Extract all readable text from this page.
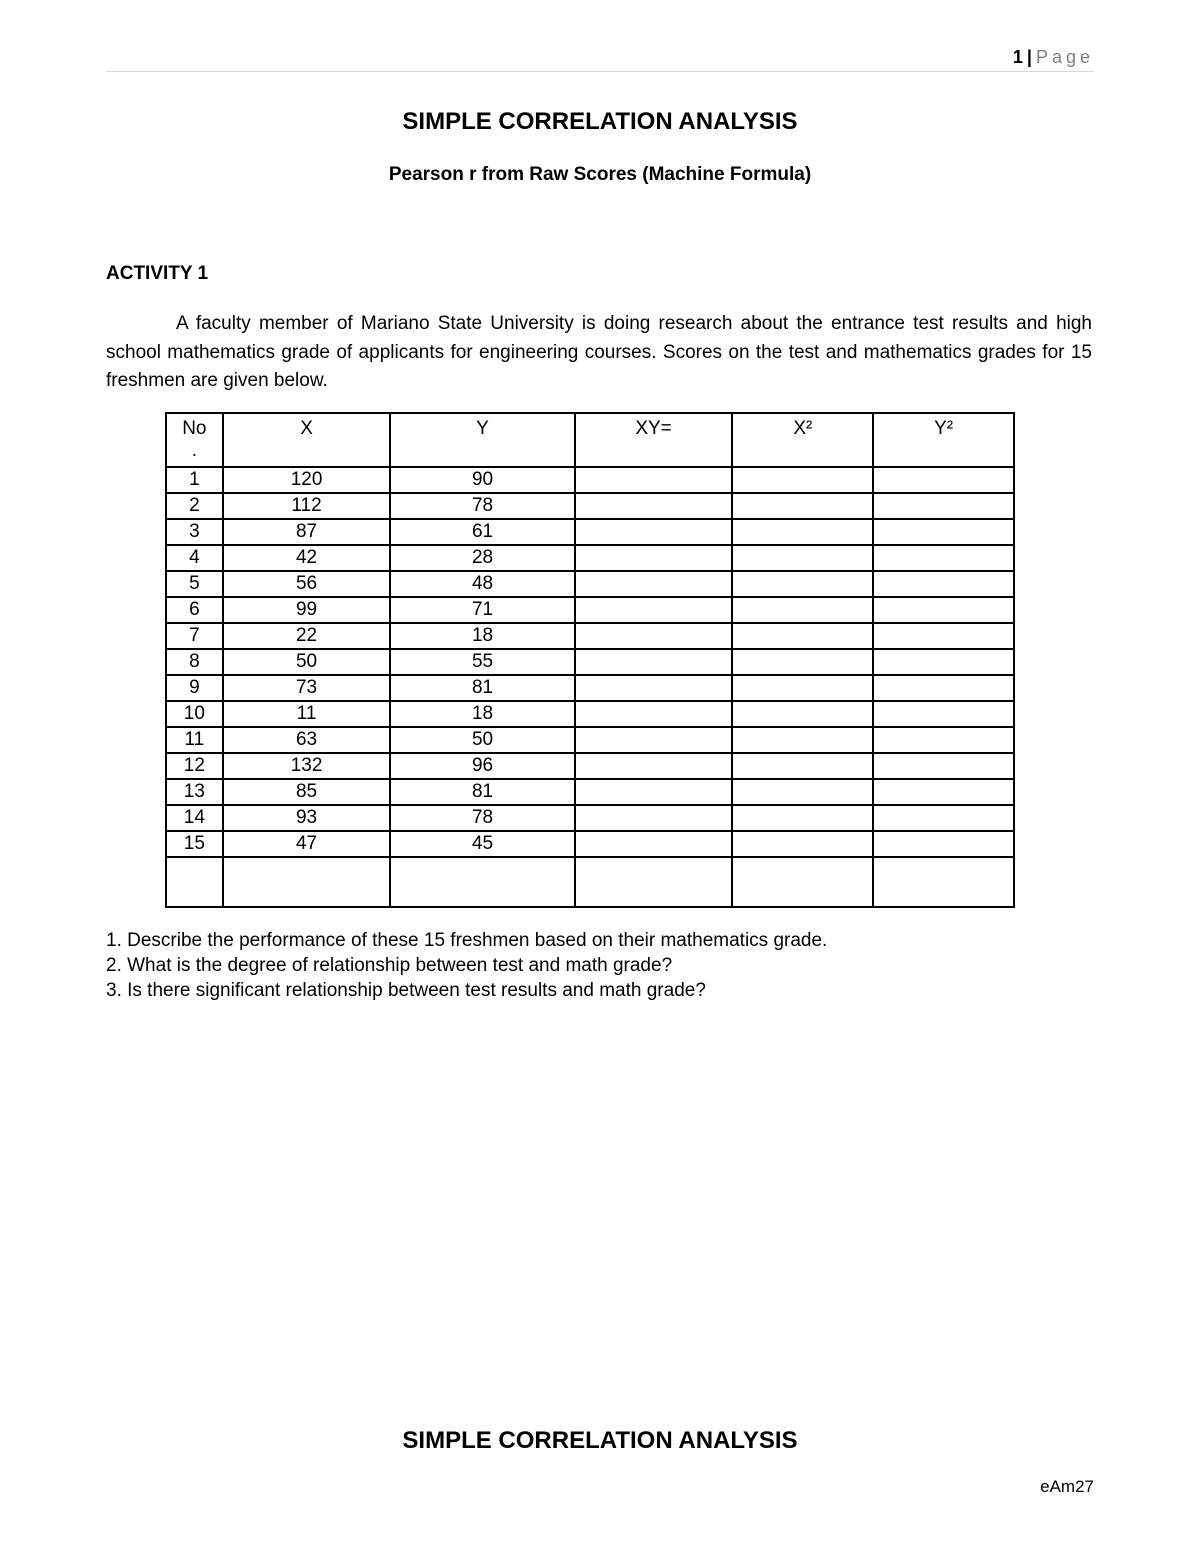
1 | Page
SIMPLE CORRELATION ANALYSIS
Pearson r from Raw Scores (Machine Formula)
ACTIVITY 1

A faculty member of Mariano State University is doing research about the entrance test results and high school mathematics grade of applicants for engineering courses. Scores on the test and mathematics grades for 15 freshmen are given below.

No .	X	Y	XY=	X²	Y²
1	120	90			
2	112	78			
3	87	61			
4	42	28			
5	56	48			
6	99	71			
7	22	18			
8	50	55			
9	73	81			
10	11	18			
11	63	50			
12	132	96			
13	85	81			
14	93	78			
15	47	45			

1. Describe the performance of these 15 freshmen based on their mathematics grade.
2. What is the degree of relationship between test and math grade?
3. Is there significant relationship between test results and math grade?
SIMPLE CORRELATION ANALYSIS
eAm27
